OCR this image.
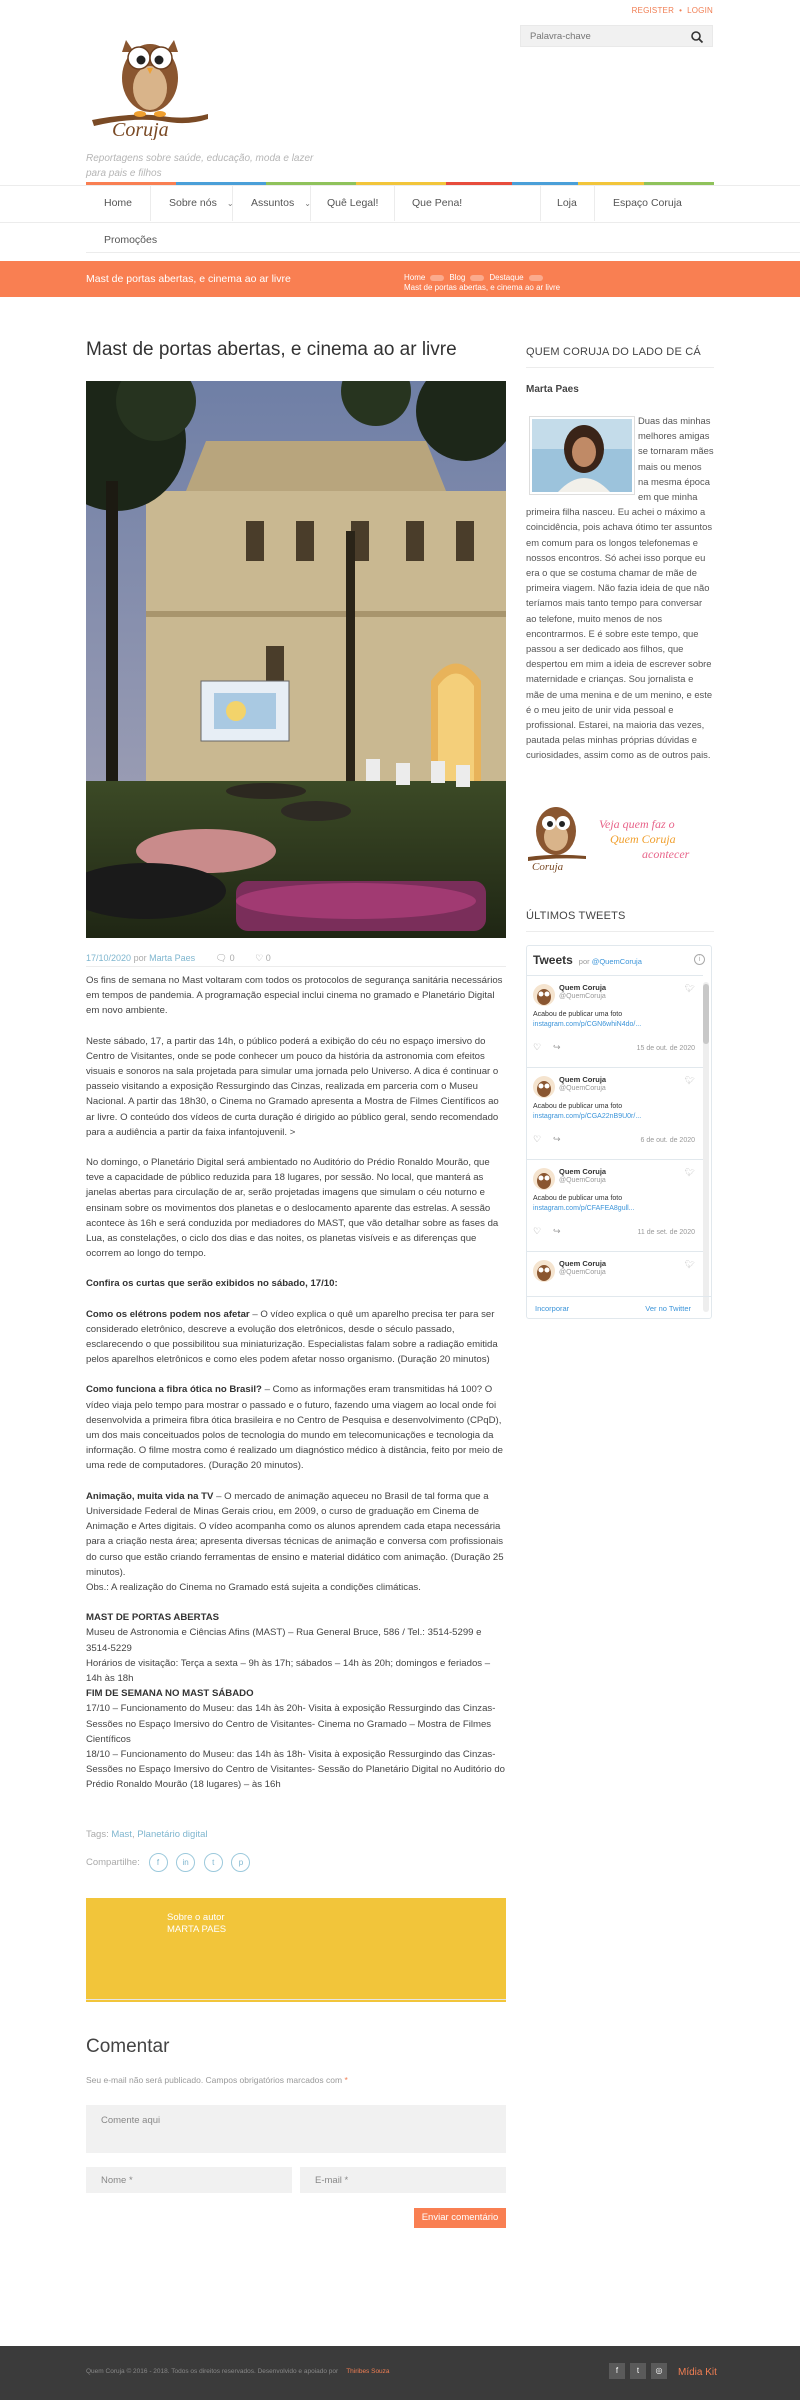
REGISTER • LOGIN
Palavra-chave
Coruja
Reportagens sobre saúde, educação, moda e lazer para pais e filhos
Home	Sobre nós ⌄	Assuntos ⌄	Quê Legal!	Que Pena!	Loja	Espaço Coruja
Promoções
Mast de portas abertas, e cinema ao ar livre	Home	Blog	Destaque
Mast de portas abertas, e cinema ao ar livre
Mast de portas abertas, e cinema ao ar livre
17/10/2020 por Marta Paes 🗨︎ 0 ♡ 0

Os fins de semana no Mast voltaram com todos os protocolos de segurança sanitária necessários em tempos de pandemia. A programação especial inclui cinema no gramado e Planetário Digital em novo ambiente.

Neste sábado, 17, a partir das 14h, o público poderá a exibição do céu no espaço imersivo do Centro de Visitantes, onde se pode conhecer um pouco da história da astronomia com efeitos visuais e sonoros na sala projetada para simular uma jornada pelo Universo. A dica é continuar o passeio visitando a exposição Ressurgindo das Cinzas, realizada em parceria com o Museu Nacional. A partir das 18h30, o Cinema no Gramado apresenta a Mostra de Filmes Científicos ao ar livre. O conteúdo dos vídeos de curta duração é dirigido ao público geral, sendo recomendado para a audiência a partir da faixa infantojuvenil. >

No domingo, o Planetário Digital será ambientado no Auditório do Prédio Ronaldo Mourão, que teve a capacidade de público reduzida para 18 lugares, por sessão. No local, que manterá as janelas abertas para circulação de ar, serão projetadas imagens que simulam o céu noturno e ensinam sobre os movimentos dos planetas e o deslocamento aparente das estrelas. A sessão acontece às 16h e será conduzida por mediadores do MAST, que vão detalhar sobre as fases da Lua, as constelações, o ciclo dos dias e das noites, os planetas visíveis e as diferenças que ocorrem ao longo do tempo.

Confira os curtas que serão exibidos no sábado, 17/10:

Como os elétrons podem nos afetar – O vídeo explica o quê um aparelho precisa ter para ser considerado eletrônico, descreve a evolução dos eletrônicos, desde o século passado, esclarecendo o que possibilitou sua miniaturização. Especialistas falam sobre a radiação emitida pelos aparelhos eletrônicos e como eles podem afetar nosso organismo. (Duração 20 minutos)

Como funciona a fibra ótica no Brasil? – Como as informações eram transmitidas há 100? O vídeo viaja pelo tempo para mostrar o passado e o futuro, fazendo uma viagem ao local onde foi desenvolvida a primeira fibra ótica brasileira e no Centro de Pesquisa e desenvolvimento (CPqD), um dos mais conceituados polos de tecnologia do mundo em telecomunicações e tecnologia da informação. O filme mostra como é realizado um diagnóstico médico à distância, feito por meio de uma rede de computadores. (Duração 20 minutos).

Animação, muita vida na TV – O mercado de animação aqueceu no Brasil de tal forma que a Universidade Federal de Minas Gerais criou, em 2009, o curso de graduação em Cinema de Animação e Artes digitais. O vídeo acompanha como os alunos aprendem cada etapa necessária para a criação nesta área; apresenta diversas técnicas de animação e conversa com profissionais do curso que estão criando ferramentas de ensino e material didático com animação. (Duração 25 minutos).

Obs.: A realização do Cinema no Gramado está sujeita a condições climáticas.

MAST DE PORTAS ABERTAS
Museu de Astronomia e Ciências Afins (MAST) – Rua General Bruce, 586 / Tel.: 3514-5299 e 3514-5229
Horários de visitação: Terça a sexta – 9h às 17h; sábados – 14h às 20h; domingos e feriados – 14h às 18h
FIM DE SEMANA NO MAST SÁBADO
17/10 – Funcionamento do Museu: das 14h às 20h- Visita à exposição Ressurgindo das Cinzas- Sessões no Espaço Imersivo do Centro de Visitantes- Cinema no Gramado – Mostra de Filmes Científicos
18/10 – Funcionamento do Museu: das 14h às 18h- Visita à exposição Ressurgindo das Cinzas- Sessões no Espaço Imersivo do Centro de Visitantes- Sessão do Planetário Digital no Auditório do Prédio Ronaldo Mourão (18 lugares) – às 16h
Tags: Mast, Planetário digital
Compartilhe: f	in	t	p
Sobre o autor
MARTA PAES
Comentar
Seu e-mail não será publicado. Campos obrigatórios marcados com *
Comente aqui
Nome *	E-mail *
Enviar comentário
QUEM CORUJA DO LADO DE CÁ
Marta Paes
Duas das minhas melhores amigas se tornaram mães mais ou menos na mesma época em que minha primeira filha nasceu. Eu achei o máximo a coincidência, pois achava ótimo ter assuntos em comum para os longos telefonemas e nossos encontros. Só achei isso porque eu era o que se costuma chamar de mãe de primeira viagem. Não fazia ideia de que não teríamos mais tanto tempo para conversar ao telefone, muito menos de nos encontrarmos. E é sobre este tempo, que passou a ser dedicado aos filhos, que despertou em mim a ideia de escrever sobre maternidade e crianças. Sou jornalista e mãe de uma menina e de um menino, e este é o meu jeito de unir vida pessoal e profissional. Estarei, na maioria das vezes, pautada pelas minhas próprias dúvidas e curiosidades, assim como as de outros pais.
Coruja
Veja quem faz o
Quem Coruja
acontecer
ÚLTIMOS TWEETS
Tweets por @QuemCoruja	i
Quem Coruja
@QuemCoruja
🐦︎
Acabou de publicar uma foto
instagram.com/p/CGN6whiN4do/...
♡ ↪	15 de out. de 2020
Quem Coruja
@QuemCoruja
🐦︎
Acabou de publicar uma foto
instagram.com/p/CGA22nB9U0r/...
♡ ↪	6 de out. de 2020
Quem Coruja
@QuemCoruja
🐦︎
Acabou de publicar uma foto
instagram.com/p/CFAFEA8gull...
♡ ↪	11 de set. de 2020
Quem Coruja
@QuemCoruja
🐦︎
Incorporar	Ver no Twitter
Quem Coruja © 2016 - 2018. Todos os direitos reservados. Desenvolvido e apoiado por Thiribes Souza	f	t	◎	Mídia Kit
